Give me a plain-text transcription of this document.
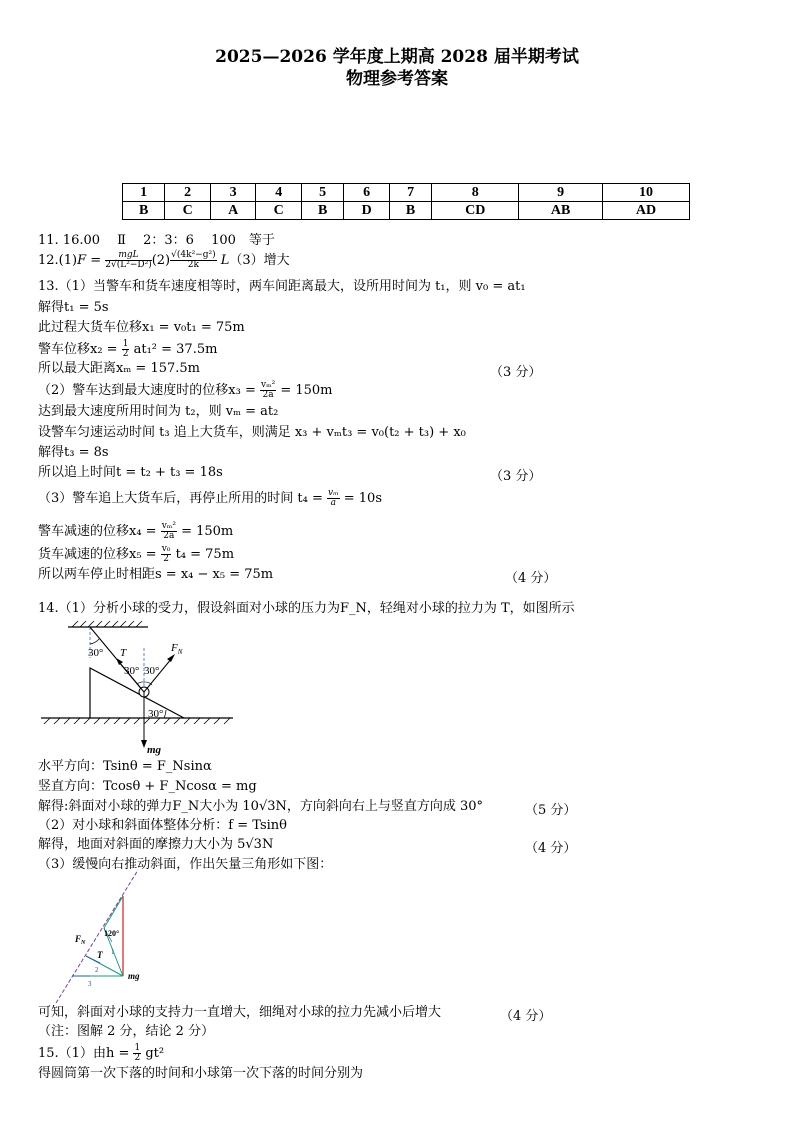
2025—2026 学年度上期高 2028 届半期考试
物理参考答案
1	2	3	4	5	6	7	8	9	10
B	C	A	C	B	D	B	CD	AB	AD
11. 16.00　 Ⅱ　 2：3：6　 100　等于
$12.(1)F = \frac{\text{mgL}}{\text{2√(L²−D²)}} (2) \frac{\text{√(4k²−g²)}}{2k} L(3)$增大
13.（1）当警车和货车速度相等时，两车间距离最大，设所用时间为 t₁，则 v₀ = at₁
解得t₁ = 5s
此过程大货车位移x₁ = v₀t₁ = 75m
警车位移$x_2 = \frac{1}{2} at_1^2 = 37.5m$
所以最大距离xₘ = 157.5m	（3 分）
（2）警车达到最大速度时的位移$x_3 = \frac{\text{vₘ²}}{2a} = 150m$
达到最大速度所用时间为 t₂，则 vₘ = at₂
设警车匀速运动时间 t₃ 追上大货车，则满足 x₃ + vₘt₃ = v₀(t₂ + t₃) + x₀
解得t₃ = 8s
所以追上时间t = t₂ + t₃ = 18s	（3 分）
（3）警车追上大货车后，再停止所用的时间 $t_4 = \frac{\text{vₘ}}{a} = 10s$
警车减速的位移$x_4 = \frac{\text{vₘ²}}{2a} = 150m$
货车减速的位移$x_5 = \frac{\text{v₀}}{2} t_4 = 75m$
所以两车停止时相距s = x₄ − x₅ = 75m	（4 分）
14.（1）分析小球的受力，假设斜面对小球的压力为F_N，轻绳对小球的拉力为 T，如图所示
30° T
30° 30°
$F_N$
30°
mg
水平方向：Tsinθ = F_Nsinα
竖直方向：Tcosθ + F_Ncosα = mg
解得:斜面对小球的弹力F_N大小为 10√3N，方向斜向右上与竖直方向成 30°	（5 分）
（2）对小球和斜面体整体分析：f = Tsinθ
解得，地面对斜面的摩擦力大小为 5√3N	（4 分）
（3）缓慢向右推动斜面，作出矢量三角形如下图：
$F_N$
120°
T 1
2
3
mg
可知，斜面对小球的支持力一直增大，细绳对小球的拉力先减小后增大	（4 分）
（注：图解 2 分，结论 2 分）
15.（1）由$h = \frac{1}{2} gt^2$
得圆筒第一次下落的时间和小球第一次下落的时间分别为
